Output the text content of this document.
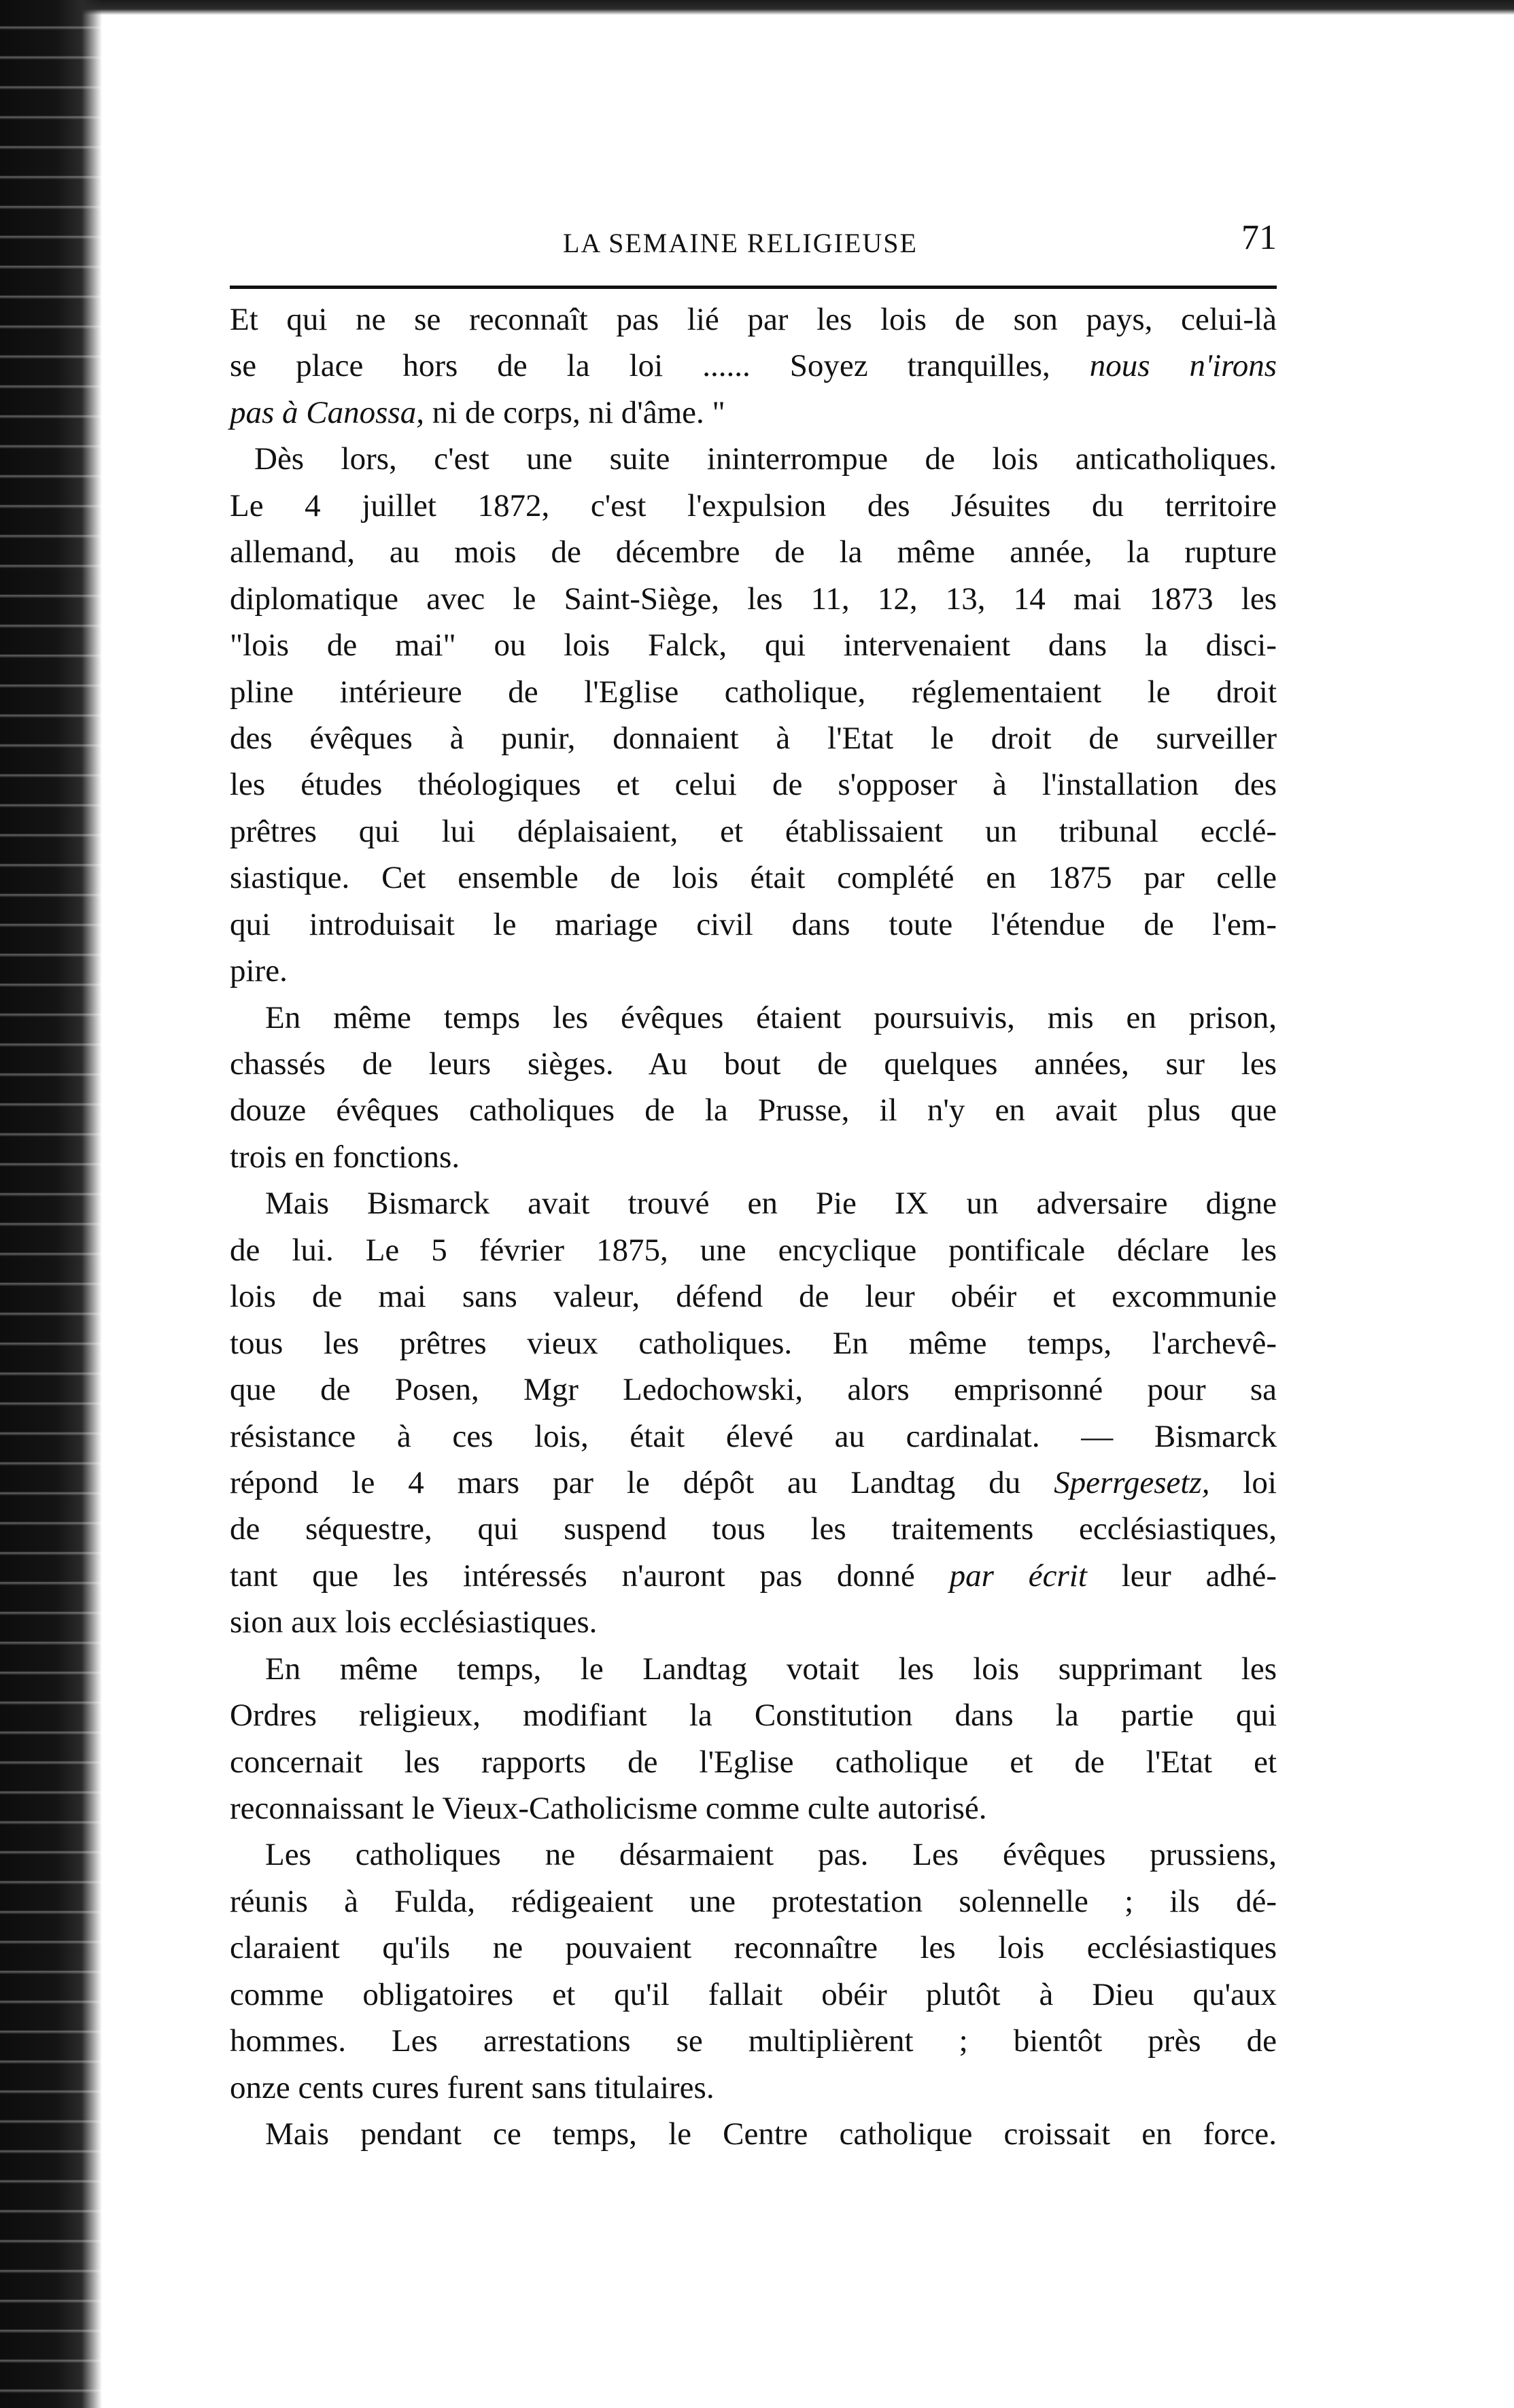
LA SEMAINE RELIGIEUSE	71
Et qui ne se reconnaît pas lié par les lois de son pays, celui-là
se place hors de la loi ...... Soyez tranquilles, nous n'irons
pas à Canossa, ni de corps, ni d'âme. "
Dès lors, c'est une suite ininterrompue de lois anticatholiques.
Le 4 juillet 1872, c'est l'expulsion des Jésuites du territoire
allemand, au mois de décembre de la même année, la rupture
diplomatique avec le Saint-Siège, les 11, 12, 13, 14 mai 1873 les
"lois de mai" ou lois Falck, qui intervenaient dans la disci-
pline intérieure de l'Eglise catholique, réglementaient le droit
des évêques à punir, donnaient à l'Etat le droit de surveiller
les études théologiques et celui de s'opposer à l'installation des
prêtres qui lui déplaisaient, et établissaient un tribunal ecclé-
siastique. Cet ensemble de lois était complété en 1875 par celle
qui introduisait le mariage civil dans toute l'étendue de l'em-
pire.
En même temps les évêques étaient poursuivis, mis en prison,
chassés de leurs sièges. Au bout de quelques années, sur les
douze évêques catholiques de la Prusse, il n'y en avait plus que
trois en fonctions.
Mais Bismarck avait trouvé en Pie IX un adversaire digne
de lui. Le 5 février 1875, une encyclique pontificale déclare les
lois de mai sans valeur, défend de leur obéir et excommunie
tous les prêtres vieux catholiques. En même temps, l'archevê-
que de Posen, Mgr Ledochowski, alors emprisonné pour sa
résistance à ces lois, était élevé au cardinalat. — Bismarck
répond le 4 mars par le dépôt au Landtag du Sperrgesetz, loi
de séquestre, qui suspend tous les traitements ecclésiastiques,
tant que les intéressés n'auront pas donné par écrit leur adhé-
sion aux lois ecclésiastiques.
En même temps, le Landtag votait les lois supprimant les
Ordres religieux, modifiant la Constitution dans la partie qui
concernait les rapports de l'Eglise catholique et de l'Etat et
reconnaissant le Vieux-Catholicisme comme culte autorisé.
Les catholiques ne désarmaient pas. Les évêques prussiens,
réunis à Fulda, rédigeaient une protestation solennelle ; ils dé-
claraient qu'ils ne pouvaient reconnaître les lois ecclésiastiques
comme obligatoires et qu'il fallait obéir plutôt à Dieu qu'aux
hommes. Les arrestations se multiplièrent ; bientôt près de
onze cents cures furent sans titulaires.
Mais pendant ce temps, le Centre catholique croissait en force.
